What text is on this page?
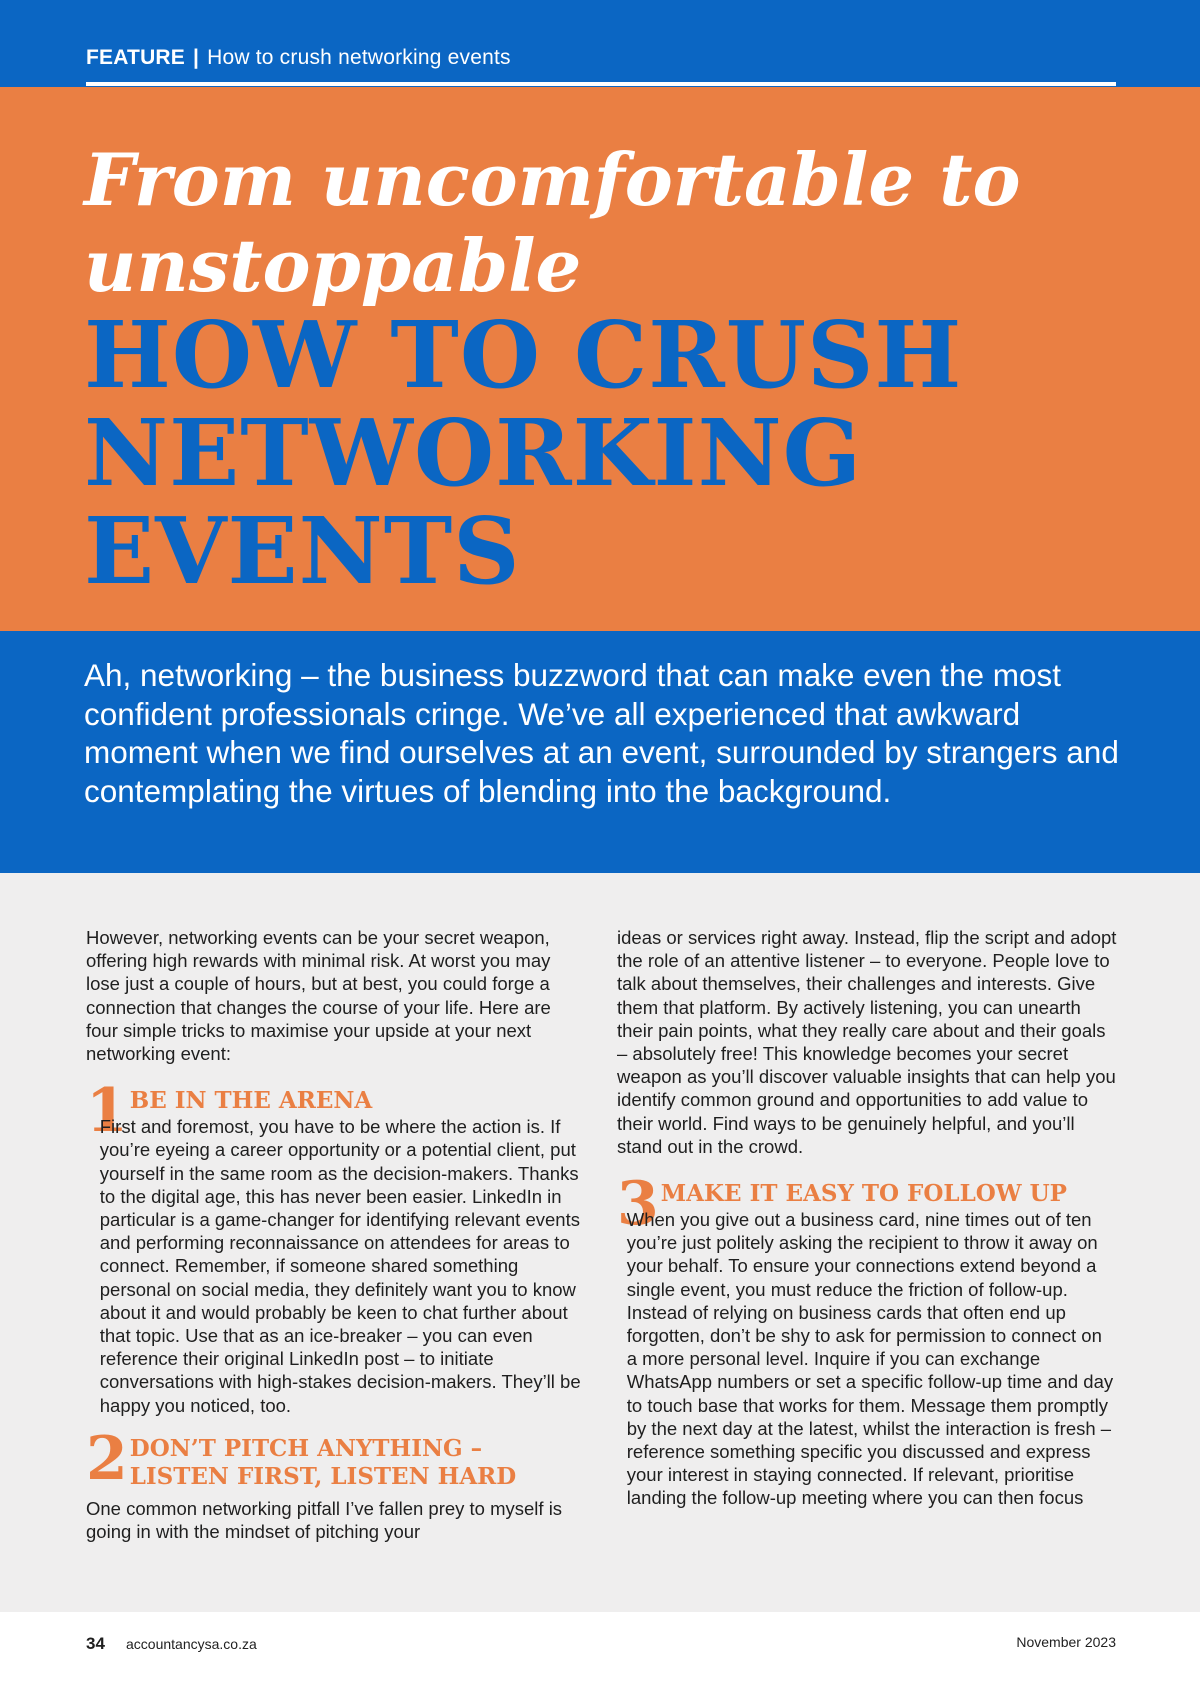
FEATURE | How to crush networking events
From uncomfortable to unstoppable
HOW TO CRUSH NETWORKING EVENTS

Ah, networking – the business buzzword that can make even the most confident professionals cringe. We’ve all experienced that awkward moment when we find ourselves at an event, surrounded by strangers and contemplating the virtues of blending into the background.

However, networking events can be your secret weapon, offering high rewards with minimal risk. At worst you may lose just a couple of hours, but at best, you could forge a connection that changes the course of your life. Here are four simple tricks to maximise your upside at your next networking event:

1 BE IN THE ARENA

First and foremost, you have to be where the action is. If you’re eyeing a career opportunity or a potential client, put yourself in the same room as the decision-makers. Thanks to the digital age, this has never been easier. LinkedIn in particular is a game-changer for identifying relevant events and performing reconnaissance on attendees for areas to connect. Remember, if someone shared something personal on social media, they definitely want you to know about it and would probably be keen to chat further about that topic. Use that as an ice-breaker – you can even reference their original LinkedIn post – to initiate conversations with high-stakes decision-makers. They’ll be happy you noticed, too.

2 DON’T PITCH ANYTHING – LISTEN FIRST, LISTEN HARD

One common networking pitfall I’ve fallen prey to myself is going in with the mindset of pitching your

ideas or services right away. Instead, flip the script and adopt the role of an attentive listener – to everyone. People love to talk about themselves, their challenges and interests. Give them that platform. By actively listening, you can unearth their pain points, what they really care about and their goals – absolutely free! This knowledge becomes your secret weapon as you’ll discover valuable insights that can help you identify common ground and opportunities to add value to their world. Find ways to be genuinely helpful, and you’ll stand out in the crowd.

3 MAKE IT EASY TO FOLLOW UP

When you give out a business card, nine times out of ten you’re just politely asking the recipient to throw it away on your behalf. To ensure your connections extend beyond a single event, you must reduce the friction of follow-up. Instead of relying on business cards that often end up forgotten, don’t be shy to ask for permission to connect on a more personal level. Inquire if you can exchange WhatsApp numbers or set a specific follow-up time and day to touch base that works for them. Message them promptly by the next day at the latest, whilst the interaction is fresh – reference something specific you discussed and express your interest in staying connected. If relevant, prioritise landing the follow-up meeting where you can then focus

34 accountancysa.co.za	November 2023
